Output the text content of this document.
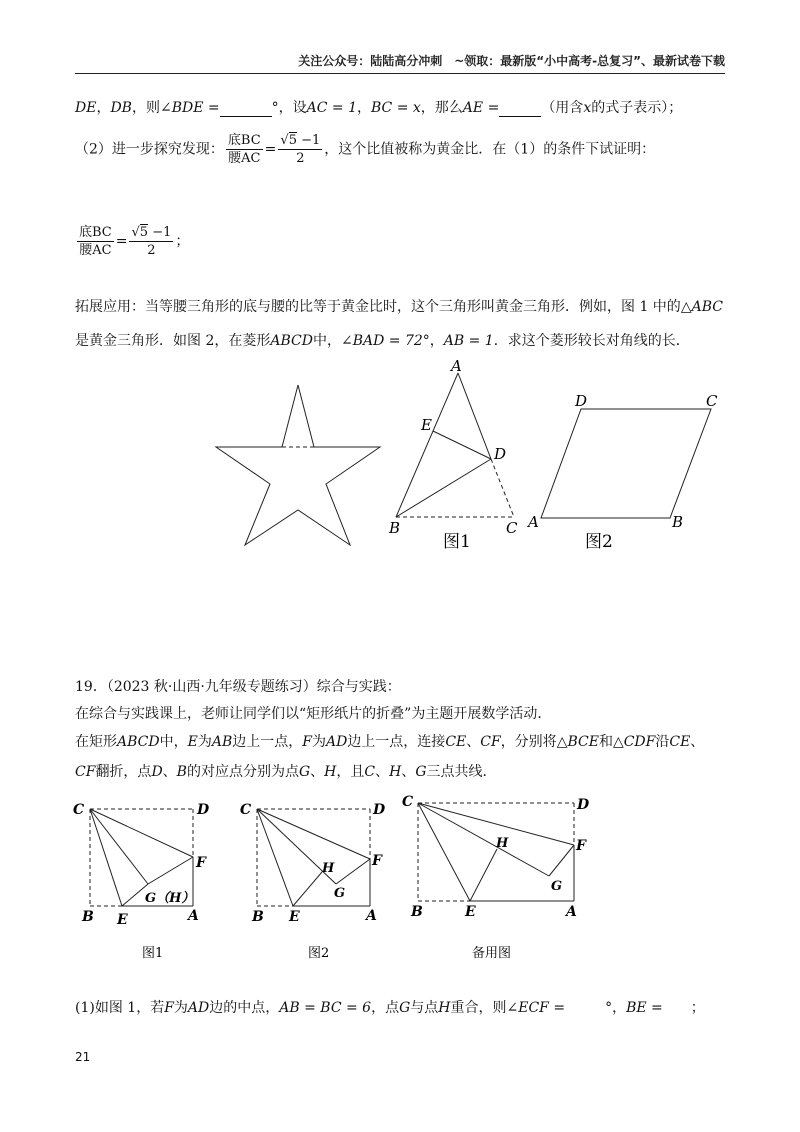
关注公众号：陆陆高分冲刺　~领取：最新版“小中高考-总复习”、最新试卷下载
DE，DB，则∠BDE =	°，设AC = 1，BC = x，那么AE =	（用含x的式子表示）；
（2）进一步探究发现： $\frac{\text{底BC}}{\text{腰AC}} = \frac{√5 -1}{2}$ ，这个比值被称为黄金比．在（1）的条件下试证明：
$\frac{\text{底BC}}{\text{腰AC}} = \frac{√5 -1}{2}$ ；
拓展应用：当等腰三角形的底与腰的比等于黄金比时，这个三角形叫黄金三角形．例如，图 1 中的△ABC
是黄金三角形．如图 2，在菱形ABCD中，∠BAD = 72°，AB = 1．求这个菱形较长对角线的长．
A
E
D
B	C
图1
D	C
A	B
图2
19．（2023 秋·山西·九年级专题练习）综合与实践：
在综合与实践课上，老师让同学们以“矩形纸片的折叠”为主题开展数学活动．
在矩形ABCD中，E为AB边上一点，F为AD边上一点，连接CE、CF，分别将△BCE和△CDF沿CE、
CF翻折，点D、B的对应点分别为点G、H，且C、H、G三点共线．
C	D
F
G（H）
B E	A
图1
C	D
F
H
G
B E	A
图2
C	D
F
H
G
B	E	A
备用图
(1)如图 1，若F为AD边的中点，AB = BC = 6，点G与点H重合，则∠ECF =	°，BE = ；
21
